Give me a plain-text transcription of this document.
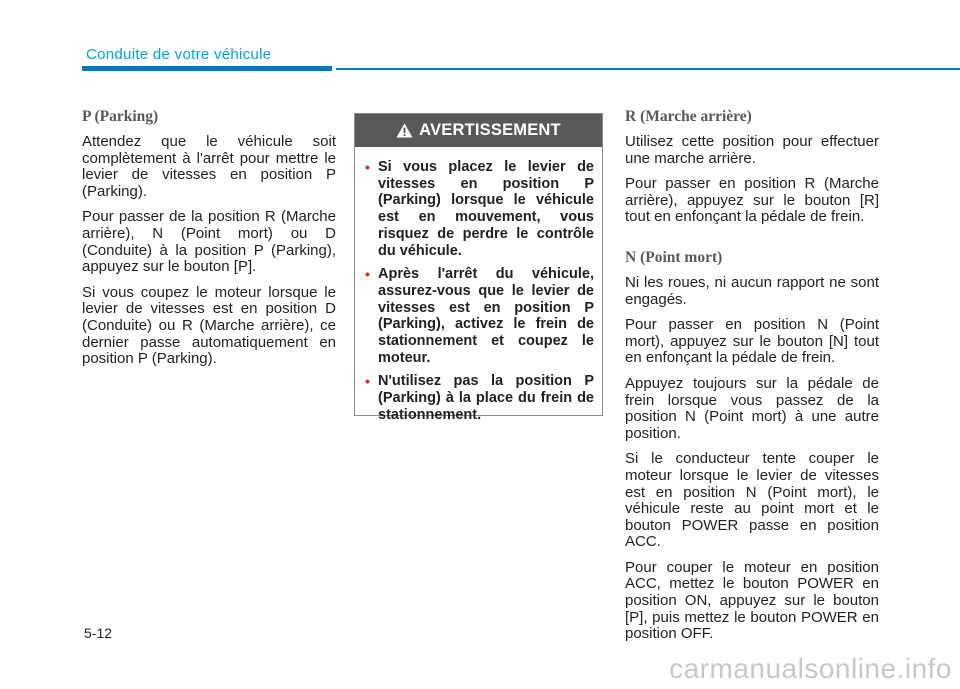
Conduite de votre véhicule
P (Parking)

Attendez que le véhicule soit complètement à l'arrêt pour mettre le levier de vitesses en position P (Parking).

Pour passer de la position R (Marche arrière), N (Point mort) ou D (Conduite) à la position P (Parking), appuyez sur le bouton [P].

Si vous coupez le moteur lorsque le levier de vitesses est en position D (Conduite) ou R (Marche arrière), ce dernier passe automatiquement en position P (Parking).

AVERTISSEMENT
• Si vous placez le levier de vitesses en position P (Parking) lorsque le véhicule est en mouvement, vous risquez de perdre le contrôle du véhicule.
• Après l'arrêt du véhicule, assurez-vous que le levier de vitesses est en position P (Parking), activez le frein de stationnement et coupez le moteur.
• N'utilisez pas la position P (Parking) à la place du frein de stationnement.
R (Marche arrière)

Utilisez cette position pour effectuer une marche arrière.

Pour passer en position R (Marche arrière), appuyez sur le bouton [R] tout en enfonçant la pédale de frein.

N (Point mort)

Ni les roues, ni aucun rapport ne sont engagés.

Pour passer en position N (Point mort), appuyez sur le bouton [N] tout en enfonçant la pédale de frein.

Appuyez toujours sur la pédale de frein lorsque vous passez de la position N (Point mort) à une autre position.

Si le conducteur tente couper le moteur lorsque le levier de vitesses est en position N (Point mort), le véhicule reste au point mort et le bouton POWER passe en position ACC.

Pour couper le moteur en position ACC, mettez le bouton POWER en position ON, appuyez sur le bouton [P], puis mettez le bouton POWER en position OFF.

5-12
carmanualsonline.info
